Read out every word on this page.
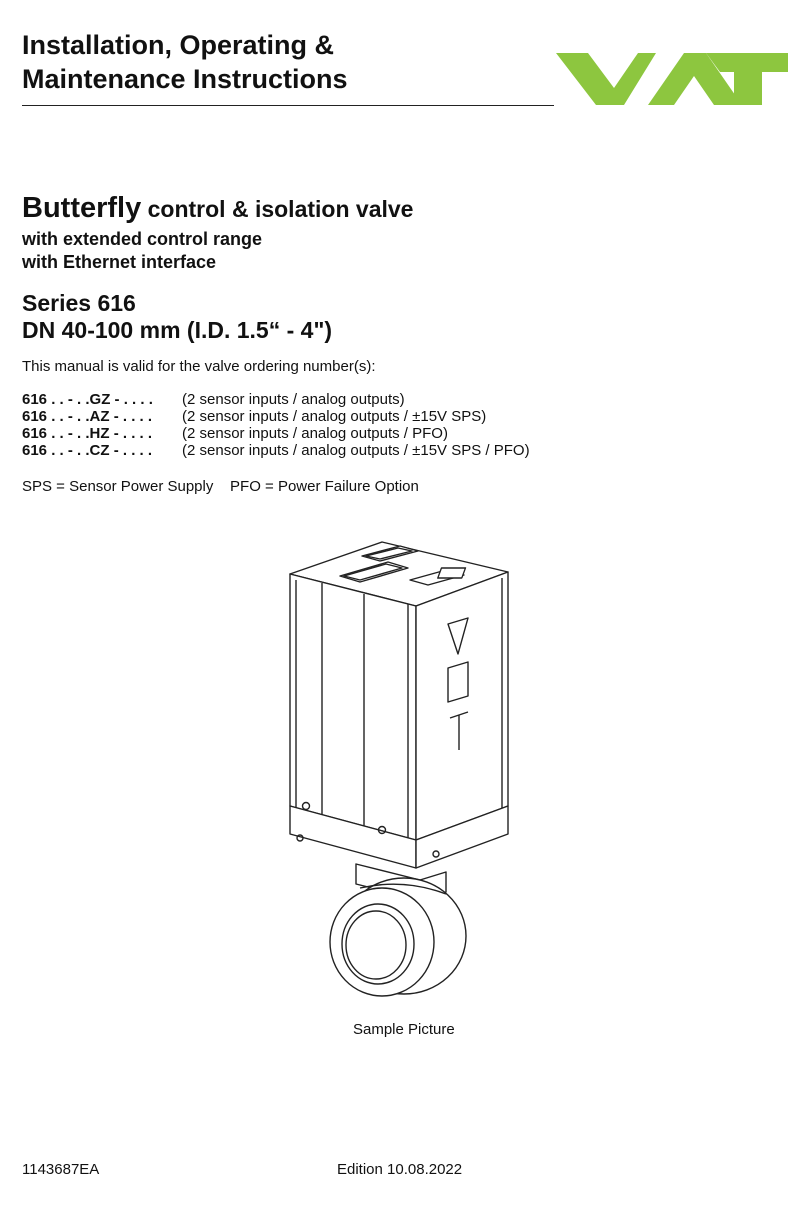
Installation, Operating &
Maintenance Instructions
Butterfly control & isolation valve
with extended control range
with Ethernet interface
Series 616
DN 40-100 mm (I.D. 1.5“ - 4")
This manual is valid for the valve ordering number(s):
616 . . - . .GZ - . . . .	(2 sensor inputs / analog outputs)
616 . . - . .AZ - . . . .	(2 sensor inputs / analog outputs / ±15V SPS)
616 . . - . .HZ - . . . .	(2 sensor inputs / analog outputs / PFO)
616 . . - . .CZ - . . . .	(2 sensor inputs / analog outputs / ±15V SPS / PFO)
SPS = Sensor Power Supply    PFO = Power Failure Option
Sample Picture
1143687EA	Edition 10.08.2022
